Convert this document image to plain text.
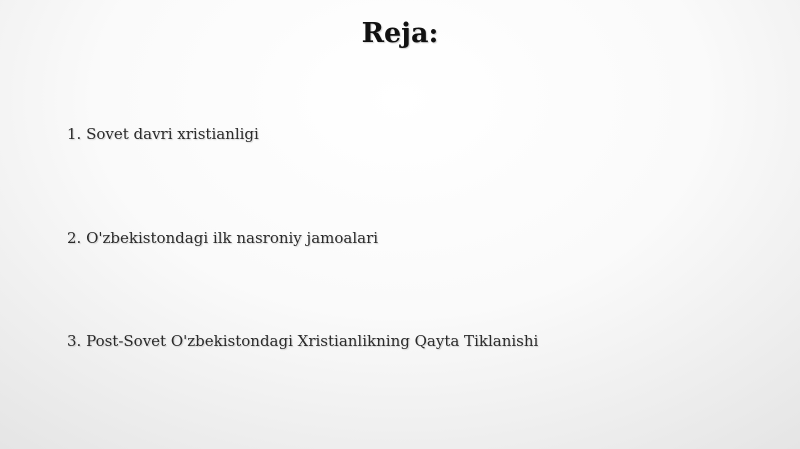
Reja:
1. Sovet davri xristianligi
2. O'zbekistondagi ilk nasroniy jamoalari
3. Post-Sovet O'zbekistondagi Xristianlikning Qayta Tiklanishi
